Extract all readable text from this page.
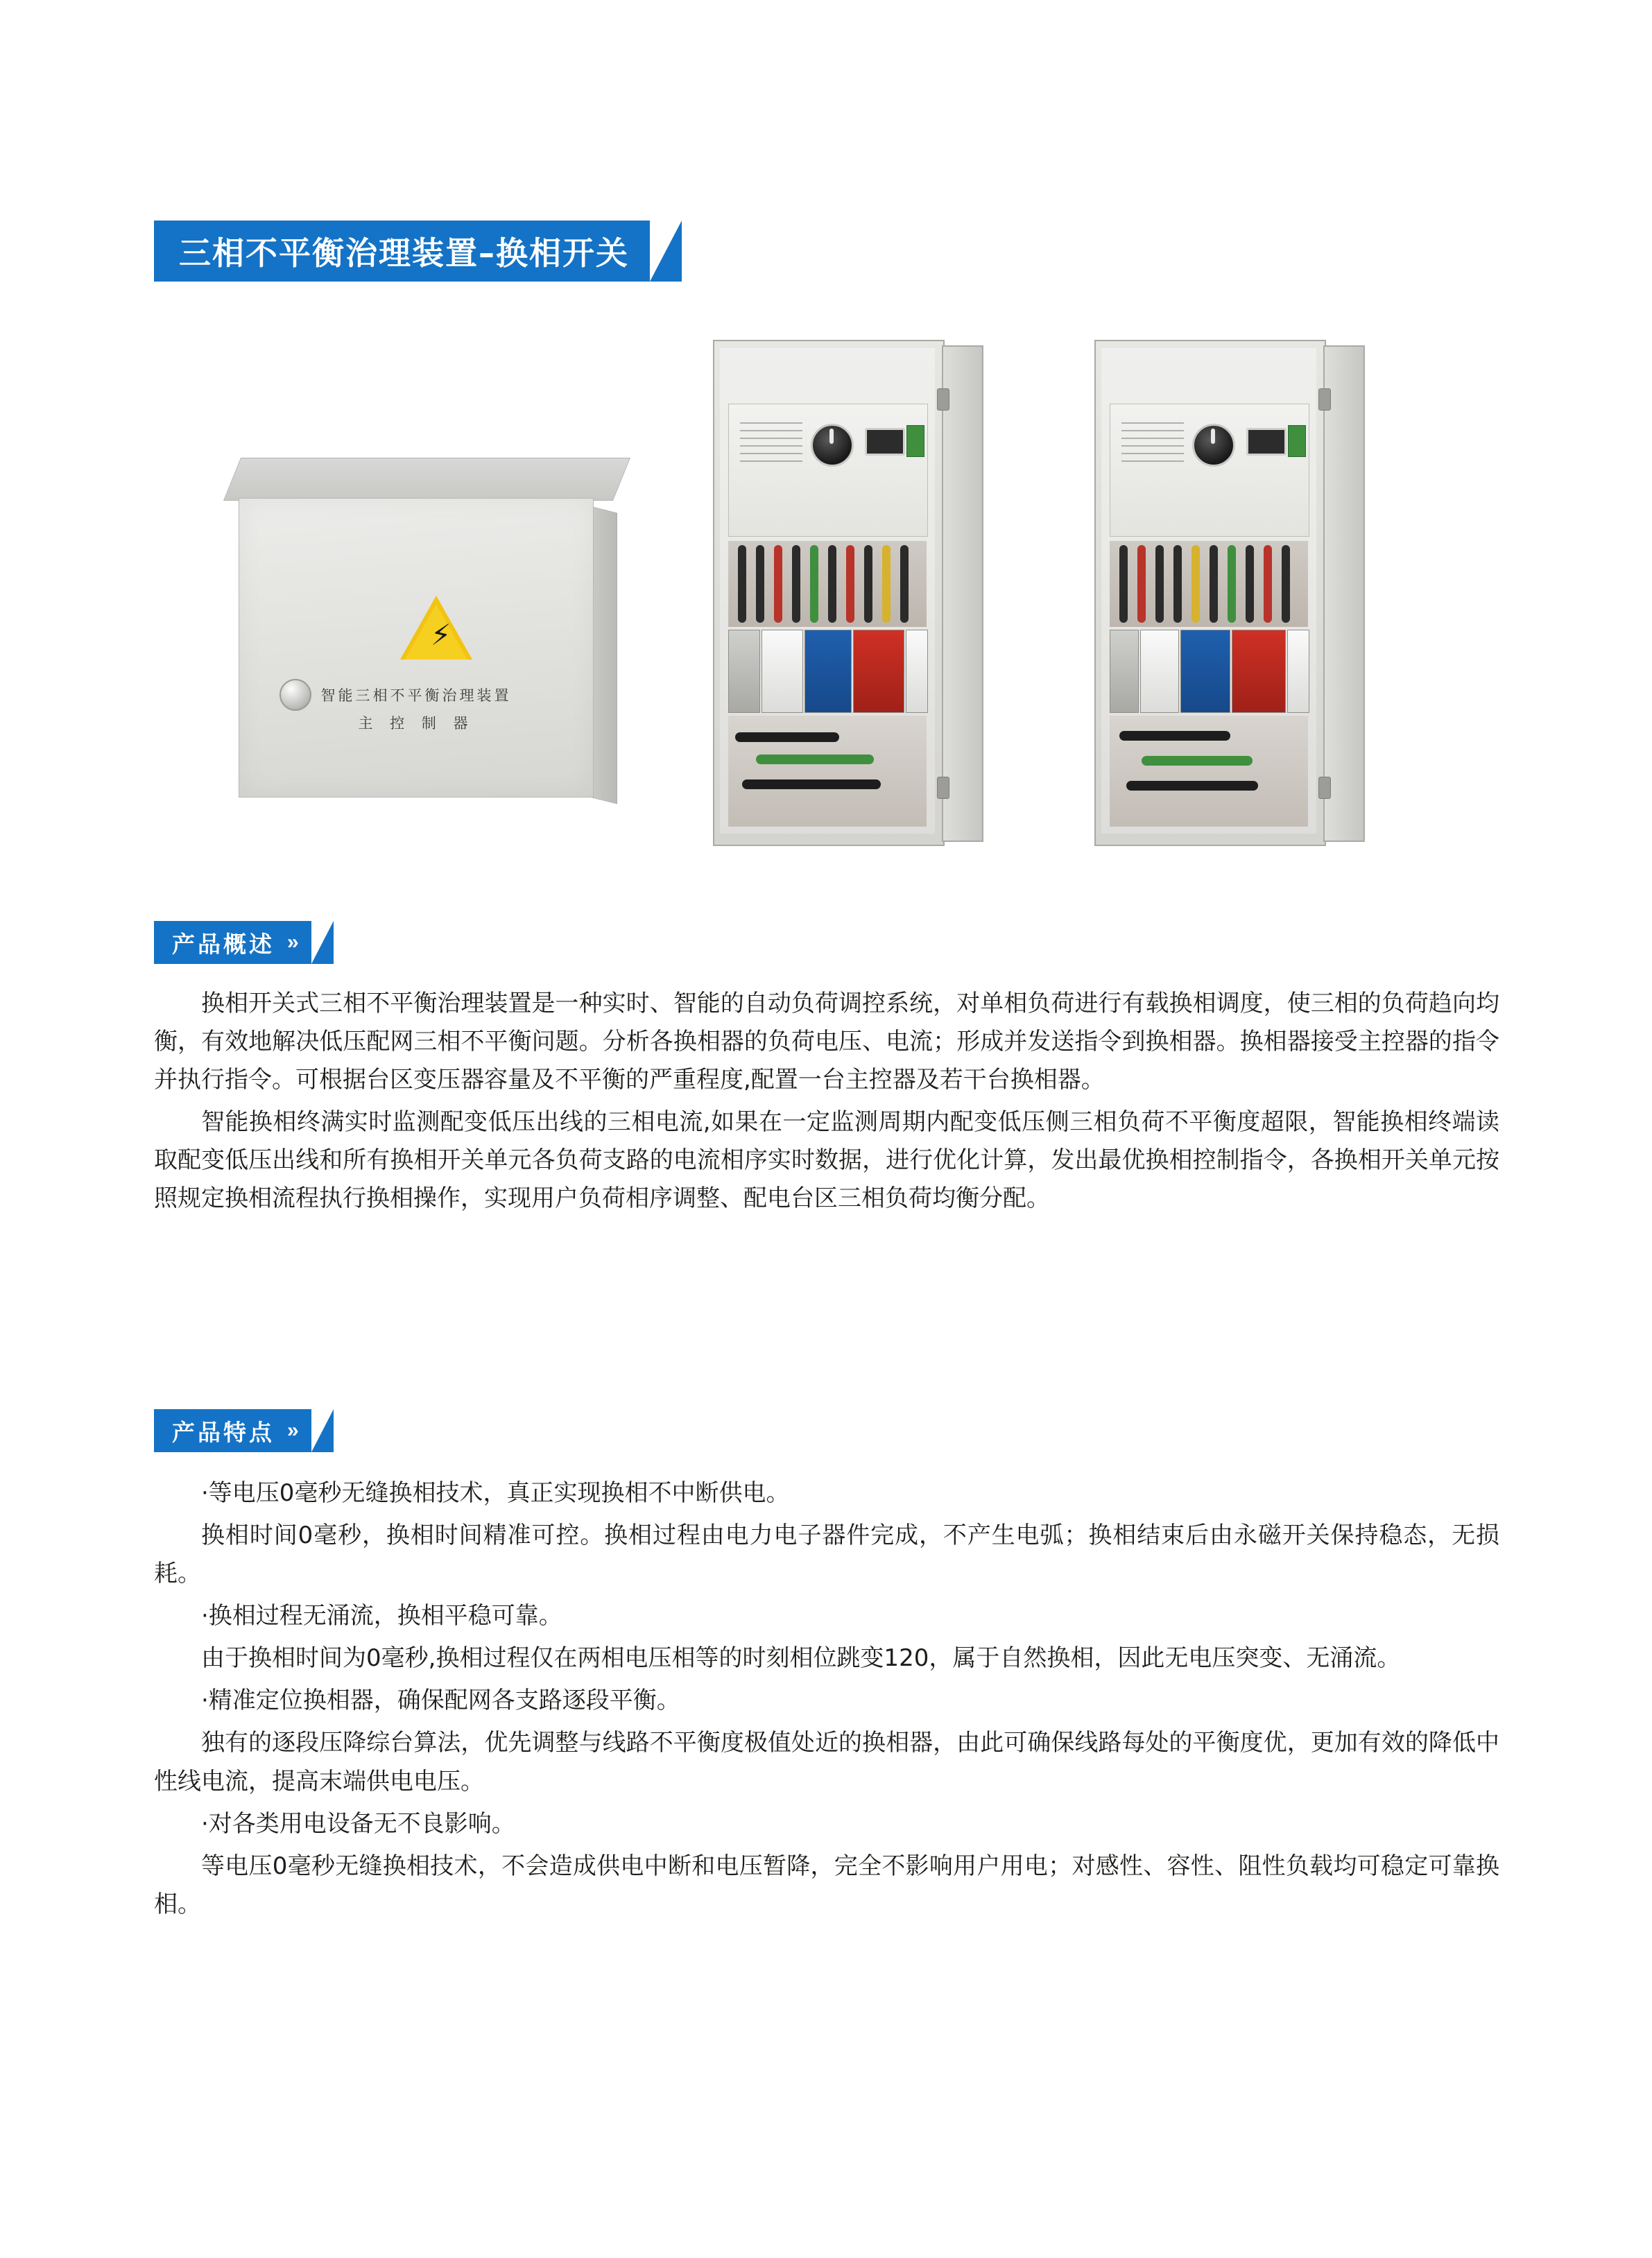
三相不平衡治理装置–换相开关
⚡
智能三相不平衡治理装置
主 控 制 器
产品概述 »

换相开关式三相不平衡治理装置是一种实时、智能的自动负荷调控系统，对单相负荷进行有载换相调度，使三相的负荷趋向均衡，有效地解决低压配网三相不平衡问题。分析各换相器的负荷电压、电流；形成并发送指令到换相器。换相器接受主控器的指令并执行指令。可根据台区变压器容量及不平衡的严重程度,配置一台主控器及若干台换相器。

智能换相终满实时监测配变低压出线的三相电流,如果在一定监测周期内配变低压侧三相负荷不平衡度超限，智能换相终端读取配变低压出线和所有换相开关单元各负荷支路的电流相序实时数据，进行优化计算，发出最优换相控制指令，各换相开关单元按照规定换相流程执行换相操作，实现用户负荷相序调整、配电台区三相负荷均衡分配。

产品特点 »

·等电压0毫秒无缝换相技术，真正实现换相不中断供电。

换相时间0毫秒，换相时间精准可控。换相过程由电力电子器件完成，不产生电弧；换相结束后由永磁开关保持稳态，无损耗。

·换相过程无涌流，换相平稳可靠。

由于换相时间为0毫秒,换相过程仅在两相电压相等的时刻相位跳变120，属于自然换相，因此无电压突变、无涌流。

·精准定位换相器，确保配网各支路逐段平衡。

独有的逐段压降综台算法，优先调整与线路不平衡度极值处近的换相器，由此可确保线路每处的平衡度优，更加有效的降低中性线电流，提高末端供电电压。

·对各类用电设备无不良影响。

等电压0毫秒无缝换相技术，不会造成供电中断和电压暂降，完全不影响用户用电；对感性、容性、阻性负载均可稳定可靠换相。
